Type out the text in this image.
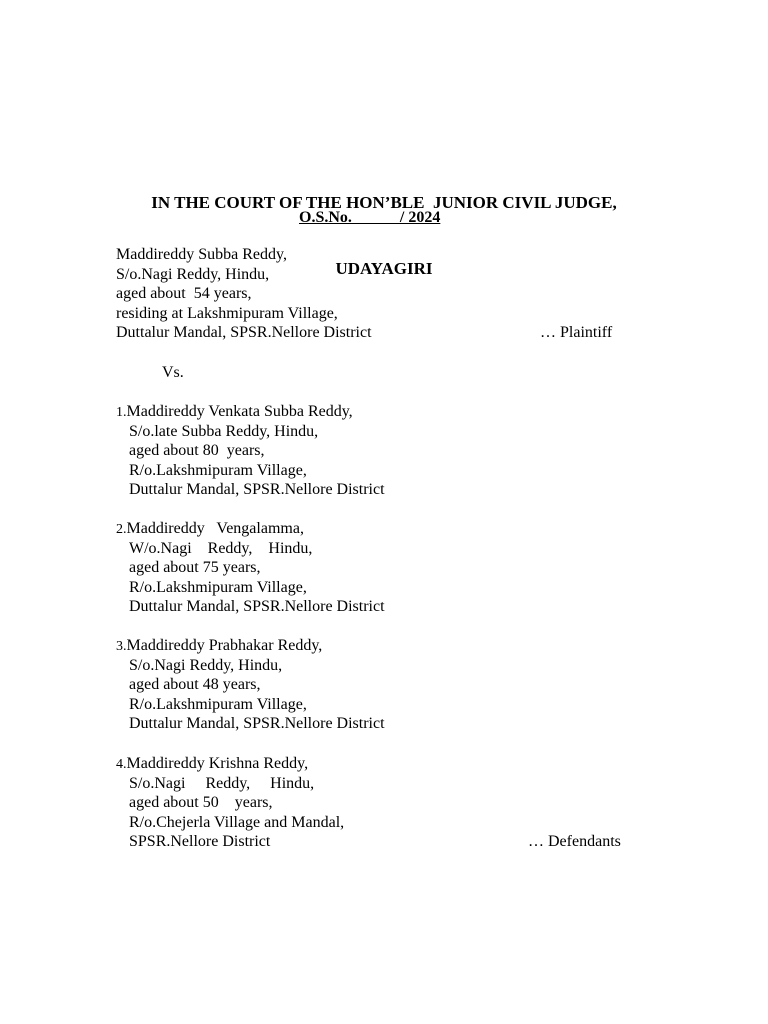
IN THE COURT OF THE HON’BLE  JUNIOR CIVIL JUDGE,

UDAYAGIRI

O.S.No.            / 2024
Maddireddy Subba Reddy,
S/o.Nagi Reddy, Hindu,
aged about  54 years,
residing at Lakshmipuram Village,
Duttalur Mandal, SPSR.Nellore District	… Plaintiff
Vs.
1.Maddireddy Venkata Subba Reddy,
S/o.late Subba Reddy, Hindu,
aged about 80  years,
R/o.Lakshmipuram Village,
Duttalur Mandal, SPSR.Nellore District
2.Maddireddy   Vengalamma,
W/o.Nagi    Reddy,    Hindu,
aged about 75 years,
R/o.Lakshmipuram Village,
Duttalur Mandal, SPSR.Nellore District
3.Maddireddy Prabhakar Reddy,
S/o.Nagi Reddy, Hindu,
aged about 48 years,
R/o.Lakshmipuram Village,
Duttalur Mandal, SPSR.Nellore District
4.Maddireddy Krishna Reddy,
S/o.Nagi     Reddy,     Hindu,
aged about 50    years,
R/o.Chejerla Village and Mandal,
SPSR.Nellore District	… Defendants
